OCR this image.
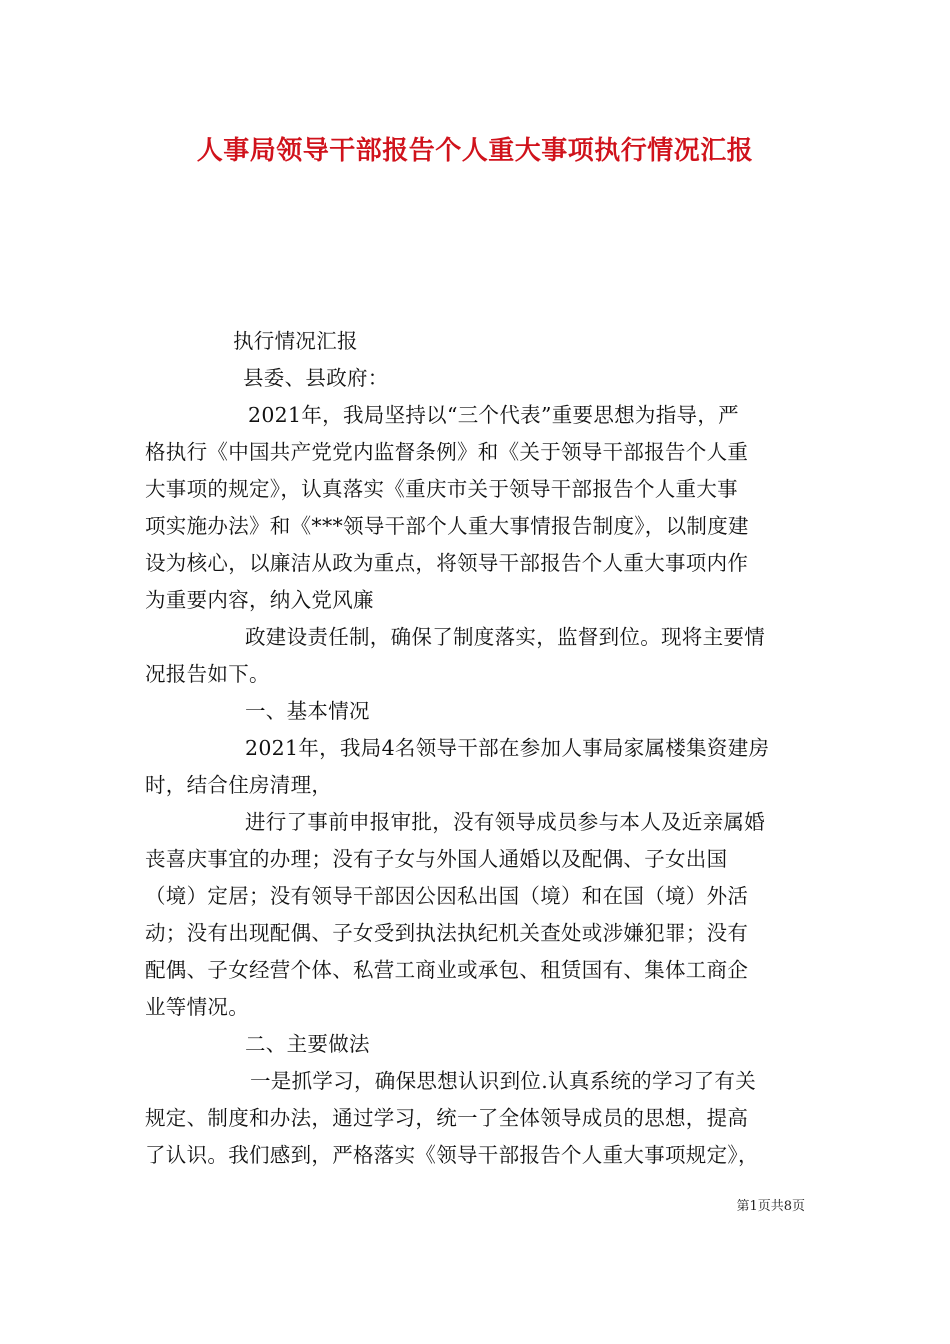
人事局领导干部报告个人重大事项执行情况汇报
执行情况汇报
县委、县政府：
2021年，我局坚持以“三个代表”重要思想为指导，严
格执行《中国共产党党内监督条例》和《关于领导干部报告个人重
大事项的规定》，认真落实《重庆市关于领导干部报告个人重大事
项实施办法》和《***领导干部个人重大事情报告制度》，以制度建
设为核心，以廉洁从政为重点，将领导干部报告个人重大事项内作
为重要内容，纳入党风廉
政建设责任制，确保了制度落实，监督到位。现将主要情
况报告如下。
一、基本情况
2021年，我局4名领导干部在参加人事局家属楼集资建房
时，结合住房清理，
进行了事前申报审批，没有领导成员参与本人及近亲属婚
丧喜庆事宜的办理；没有子女与外国人通婚以及配偶、子女出国
（境）定居；没有领导干部因公因私出国（境）和在国（境）外活
动；没有出现配偶、子女受到执法执纪机关查处或涉嫌犯罪；没有
配偶、子女经营个体、私营工商业或承包、租赁国有、集体工商企
业等情况。
二、主要做法
一是抓学习，确保思想认识到位.认真系统的学习了有关
规定、制度和办法，通过学习，统一了全体领导成员的思想，提高
了认识。我们感到，严格落实《领导干部报告个人重大事项规定》，
第1页共8页
